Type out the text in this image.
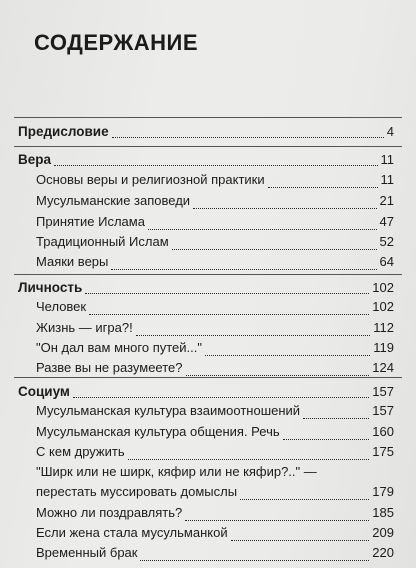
СОДЕРЖАНИЕ
Предисловие	4
Вера	11
Основы веры и религиозной практики	11
Мусульманские заповеди	21
Принятие Ислама	47
Традиционный Ислам	52
Маяки веры	64
Личность	102
Человек	102
Жизнь — игра?!	112
"Он дал вам много путей..."	119
Разве вы не разумеете?	124
Социум	157
Мусульманская культура взаимоотношений	157
Мусульманская культура общения. Речь	160
С кем дружить	175
"Ширк или не ширк, кяфир или не кяфир?.." —
перестать муссировать домыслы	179
Можно ли поздравлять?	185
Если жена стала мусульманкой	209
Временный брак	220
